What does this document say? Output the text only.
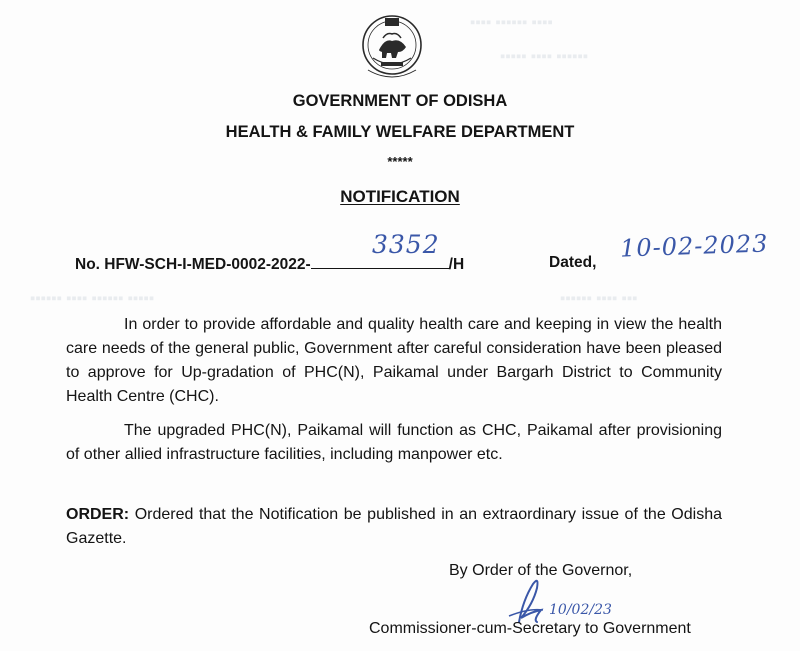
▪▪▪▪ ▪▪▪▪▪▪ ▪▪▪▪
▪▪▪▪▪ ▪▪▪▪ ▪▪▪▪▪▪
▪▪▪▪▪▪ ▪▪▪▪ ▪▪▪▪▪▪ ▪▪▪▪▪	▪▪▪▪▪▪ ▪▪▪▪ ▪▪▪
GOVERNMENT OF ODISHA
HEALTH & FAMILY WELFARE DEPARTMENT
*****
NOTIFICATION
No. HFW-SCH-I-MED-0002-2022-	/H
3352
Dated, 10-02-2023

In order to provide affordable and quality health care and keeping in view the health care needs of the general public, Government after careful consideration have been pleased to approve for Up-gradation of PHC(N), Paikamal under Bargarh District to Community Health Centre (CHC).

The upgraded PHC(N), Paikamal will function as CHC, Paikamal after provisioning of other allied infrastructure facilities, including manpower etc.

ORDER: Ordered that the Notification be published in an extraordinary issue of the Odisha Gazette.

By Order of the Governor,
10/02/23
Commissioner-cum-Secretary to Government
